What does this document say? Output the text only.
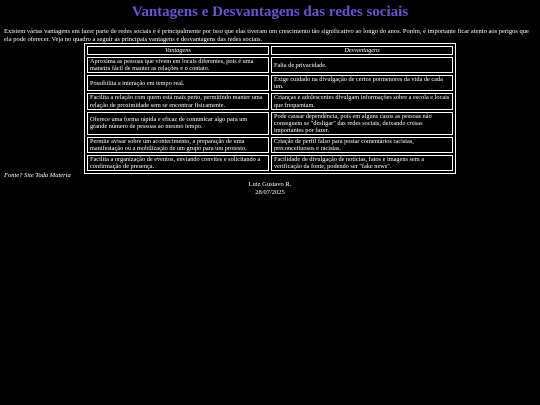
Vantagens e Desvantagens das redes sociais
Existem várias vantagens em fazer parte de redes sociais e é principalmente por isso que elas tiveram um crescimento tão significativo ao longo do anos. Porém, é importante ficar atento aos perigos que ela pode oferecer. Veja no quadro a seguir as principais vantagens e desvantagens das redes sociais.
Vantagens	Desvantagens
Aproxima as pessoas que vivem em locais diferentes, pois é uma maneira fácil de manter as relações e o contato.	Falta de privacidade.
Possibilita a interação em tempo real.	Exige cuidado na divulgação de certos pormenores da vida de cada um.
Facilita a relação com quem está mais perto, permitindo manter uma relação de proximidade sem se encontrar fisicamente.	Crianças e adolescentes divulgam informações sobre a escola e locais que frequentam.
Oferece uma forma rápida e eficaz de comunicar algo para um grande número de pessoas ao mesmo tempo.	Pode causar dependência, pois em alguns casos as pessoas não conseguem se "desligar" das redes sociais, deixando coisas importantes por fazer.
Permite avisar sobre um acontecimento, a preparação de uma manifestação ou a mobilização de um grupo para um protesto.	Criação de perfil falso para postar comentários racistas, preconceituosos e racistas.
Facilita a organização de eventos, enviando convites e solicitando a confirmação de presença.	Facilidade de divulgação de notícias, fatos e imagens sem a verificação da fonte, podendo ser "fake news".
Fonte? Site Toda Materia
Luiz Gustavo R.
28/07/2025
